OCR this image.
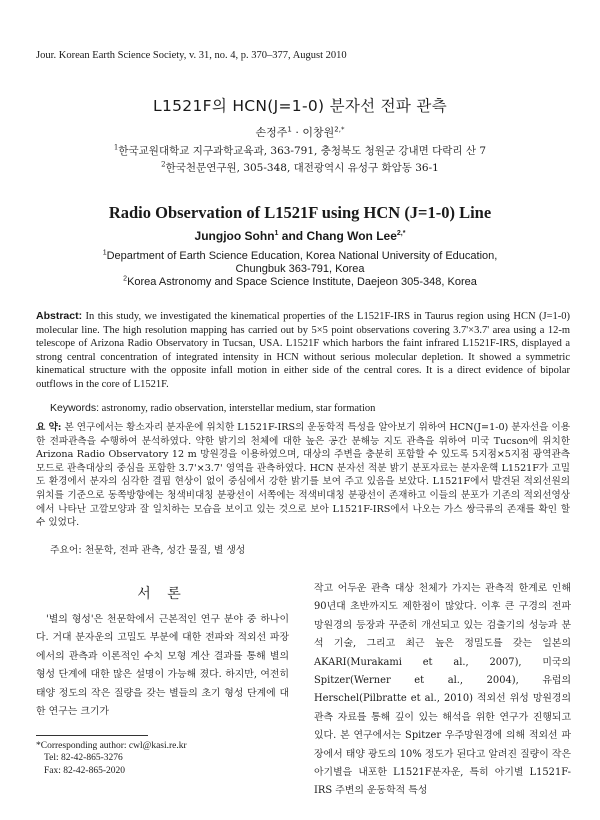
Jour. Korean Earth Science Society, v. 31, no. 4, p. 370–377, August 2010
L1521F의 HCN(J=1-0) 분자선 전파 관측
손정주$^1$ · 이창원$^{2,*}$
$^1$한국교원대학교 지구과학교육과, 363-791, 충청북도 청원군 강내면 다락리 산 7
$^2$한국천문연구원, 305-348, 대전광역시 유성구 화암동 36-1
Radio Observation of L1521F using HCN (J=1-0) Line
Jungjoo Sohn$^1$ and Chang Won Lee$^{2,*}$
$^1$Department of Earth Science Education, Korea National University of Education,
Chungbuk 363-791, Korea
$^2$Korea Astronomy and Space Science Institute, Daejeon 305-348, Korea
Abstract: In this study, we investigated the kinematical properties of the L1521F-IRS in Taurus region using HCN (J=1-0) molecular line. The high resolution mapping has carried out by 5×5 point observations covering 3.7'×3.7' area using a 12-m telescope of Arizona Radio Observatory in Tucsan, USA. L1521F which harbors the faint infrared L1521F-IRS, displayed a strong central concentration of integrated intensity in HCN without serious molecular depletion. It showed a symmetric kinematical structure with the opposite infall motion in either side of the central cores. It is a direct evidence of bipolar outflows in the core of L1521F.
Keywords: astronomy, radio observation, interstellar medium, star formation
요 약: 본 연구에서는 황소자리 분자운에 위치한 L1521F-IRS의 운동학적 특성을 알아보기 위하여 HCN(J=1-0) 분자선을 이용한 전파관측을 수행하여 분석하였다. 약한 밝기의 천체에 대한 높은 공간 분해능 지도 관측을 위하여 미국 Tucson에 위치한 Arizona Radio Observatory 12 m 망원경을 이용하였으며, 대상의 주변을 충분히 포함할 수 있도록 5지점×5지점 광역관측모드로 관측대상의 중심을 포함한 3.7'×3.7' 영역을 관측하였다. HCN 분자선 적분 밝기 분포자료는 분자운핵 L1521F가 고밀도 환경에서 분자의 심각한 결핍 현상이 없이 중심에서 강한 밝기를 보여 주고 있음을 보았다. L1521F에서 발견된 적외선원의 위치를 기준으로 동쪽방향에는 청색비대칭 분광선이 서쪽에는 적색비대칭 분광선이 존재하고 이들의 분포가 기존의 적외선영상에서 나타난 고깔모양과 잘 일치하는 모습을 보이고 있는 것으로 보아 L1521F-IRS에서 나오는 가스 쌍극류의 존재를 확인 할 수 있었다.
주요어: 천문학, 전파 관측, 성간 물질, 별 생성
서 론
'별의 형성'은 천문학에서 근본적인 연구 분야 중 하나이다. 거대 분자운의 고밀도 부분에 대한 전파와 적외선 파장에서의 관측과 이론적인 수치 모형 계산 결과를 통해 별의 형성 단계에 대한 많은 설명이 가능해 졌다. 하지만, 여전히 태양 정도의 작은 질량을 갖는 별들의 초기 형성 단계에 대한 연구는 크기가
작고 어두운 관측 대상 천체가 가지는 관측적 한계로 인해 90년대 초반까지도 제한점이 많았다. 이후 큰 구경의 전파 망원경의 등장과 꾸준히 개선되고 있는 검출기의 성능과 분석 기술, 그리고 최근 높은 정밀도를 갖는 일본의 AKARI(Murakami et al., 2007), 미국의 Spitzer(Werner et al., 2004), 유럽의 Herschel(Pilbratte et al., 2010) 적외선 위성 망원경의 관측 자료를 통해 깊이 있는 해석을 위한 연구가 진행되고 있다. 본 연구에서는 Spitzer 우주망원경에 의해 적외선 파장에서 태양 광도의 10% 정도가 된다고 알려진 질량이 작은 아기별을 내포한 L1521F분자운, 특히 아기별 L1521F-IRS 주변의 운동학적 특성
*Corresponding author: cwl@kasi.re.kr
Tel: 82-42-865-3276
Fax: 82-42-865-2020
